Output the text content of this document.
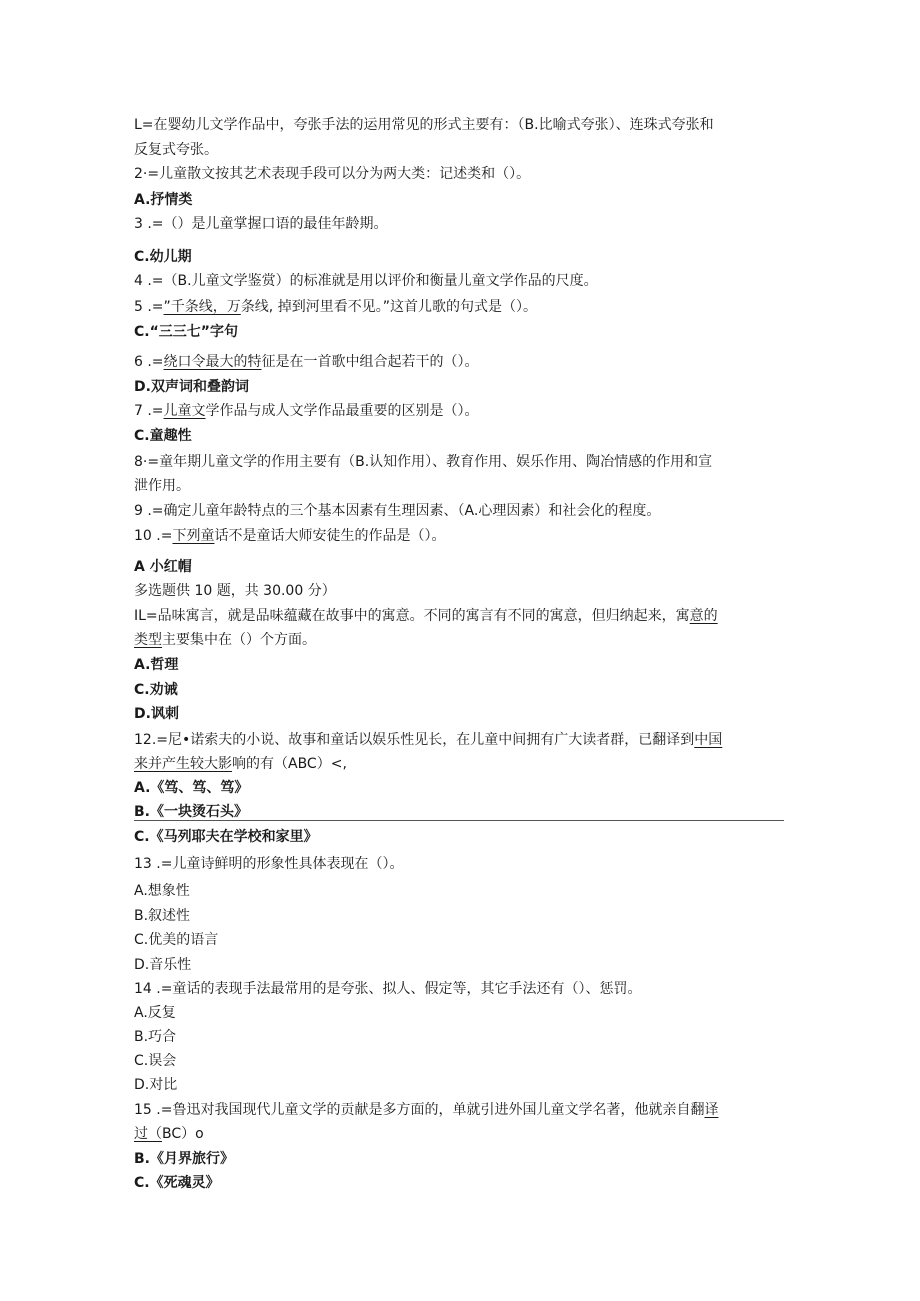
L=在婴幼儿文学作品中，夸张手法的运用常见的形式主要有：（B.比喻式夸张）、连珠式夸张和
反复式夸张。
2·=儿童散文按其艺术表现手段可以分为两大类：记述类和（）。
A.抒情类
3 .=（）是儿童掌握口语的最佳年龄期。
C.幼儿期
4 .=（B.儿童文学鉴赏）的标准就是用以评价和衡量儿童文学作品的尺度。
5 .=”千条线，万条线, 掉到河里看不见。”这首儿歌的句式是（）。
C.“三三七”字句
6 .=绕口令最大的特征是在一首歌中组合起若干的（）。
D.双声词和叠韵词
7 .=儿童文学作品与成人文学作品最重要的区别是（）。
C.童趣性
8·=童年期儿童文学的作用主要有（B.认知作用）、教育作用、娱乐作用、陶冶情感的作用和宣
泄作用。
9 .=确定儿童年龄特点的三个基本因素有生理因素、（A.心理因素）和社会化的程度。
10 .=下列童话不是童话大师安徒生的作品是（）。
A 小红帽
多选题供 10 题，共 30.00 分）
IL=品味寓言，就是品味蕴藏在故事中的寓意。不同的寓言有不同的寓意，但归纳起来，寓意的
类型主要集中在（）个方面。
A.哲理
C.劝诫
D.讽刺
12.=尼•诺索夫的小说、故事和童话以娱乐性见长，在儿童中间拥有广大读者群，已翻译到中国
来并产生较大影响的有（ABC）<,
A.《笃、笃、笃》
B.《一块烫石头》
C.《马列耶夫在学校和家里》
13 .=儿童诗鲜明的形象性具体表现在（）。
A.想象性
B.叙述性
C.优美的语言
D.音乐性
14 .=童话的表现手法最常用的是夸张、拟人、假定等，其它手法还有（）、惩罚。
A.反复
B.巧合
C.误会
D.对比
15 .=鲁迅对我国现代儿童文学的贡献是多方面的，单就引进外国儿童文学名著，他就亲自翻译
过（BC）o
B.《月界旅行》
C.《死魂灵》
